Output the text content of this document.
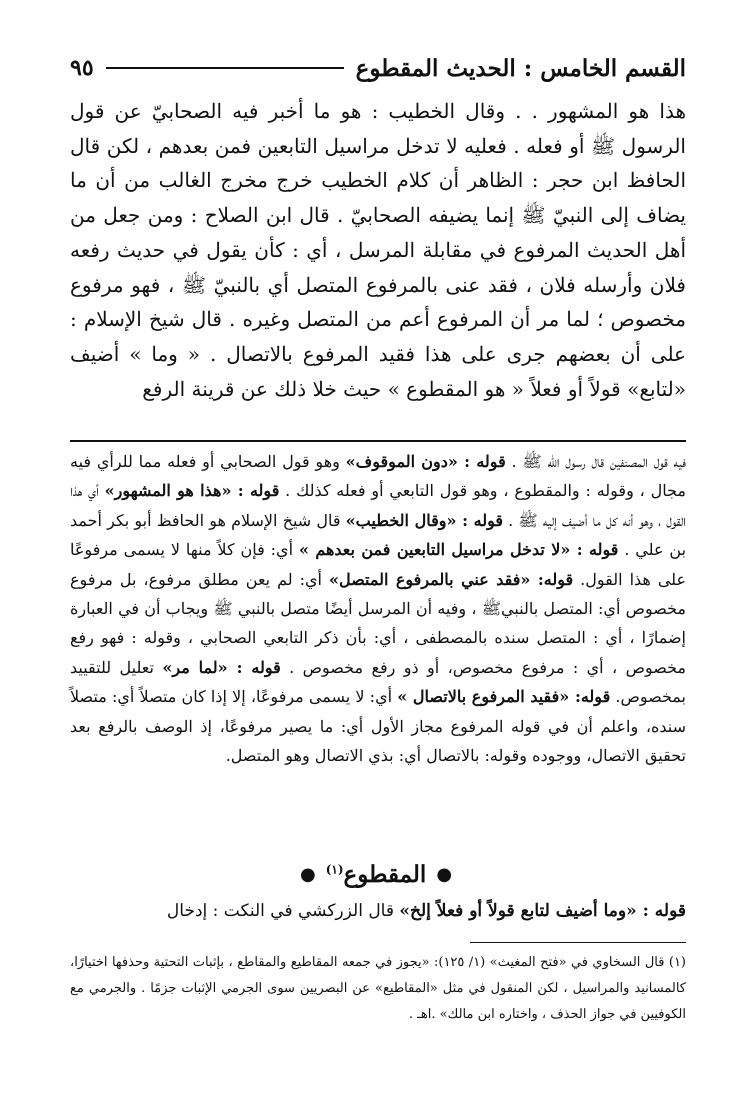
القسم الخامس : الحديث المقطوع
٩٥

هذا هو المشهور . . وقال الخطيب : هو ما أخبر فيه الصحابيّ عن قول الرسول ﷺ أو فعله . فعليه لا تدخل مراسيل التابعين فمن بعدهم ، لكن قال الحافظ ابن حجر : الظاهر أن كلام الخطيب خرج مخرج الغالب من أن ما يضاف إلى النبيّ ﷺ إنما يضيفه الصحابيّ . قال ابن الصلاح : ومن جعل من أهل الحديث المرفوع في مقابلة المرسل ، أي : كأن يقول في حديث رفعه فلان وأرسله فلان ، فقد عنى بالمرفوع المتصل أي بالنبيّ ﷺ ، فهو مرفوع مخصوص ؛ لما مر أن المرفوع أعم من المتصل وغيره . قال شيخ الإسلام : على أن بعضهم جرى على هذا فقيد المرفوع بالاتصال . « وما » أضيف «لتابع» قولاً أو فعلاً « هو المقطوع » حيث خلا ذلك عن قرينة الرفع

فيه قول المصنفين قال رسول الله ﷺ . قوله : «دون الموقوف» وهو قول الصحابي أو فعله مما للرأي فيه مجال ، وقوله : والمقطوع ، وهو قول التابعي أو فعله كذلك . قوله : «هذا هو المشهور» أي هذا القول ، وهو أنه كل ما أضيف إليه ﷺ . قوله : «وقال الخطيب» قال شيخ الإسلام هو الحافظ أبو بكر أحمد بن علي . قوله : «لا تدخل مراسيل التابعين فمن بعدهم » أي: فإن كلاً منها لا يسمى مرفوعًا على هذا القول. قوله: «فقد عني بالمرفوع المتصل» أي: لم يعن مطلق مرفوع، بل مرفوع مخصوص أي: المتصل بالنبيﷺ ، وفيه أن المرسل أيضًا متصل بالنبي ﷺ ويجاب أن في العبارة إضمارًا ، أي : المتصل سنده بالمصطفى ، أي: بأن ذكر التابعي الصحابي ، وقوله : فهو رفع مخصوص ، أي : مرفوع مخصوص، أو ذو رفع مخصوص . قوله : «لما مر» تعليل للتقييد بمخصوص. قوله: «فقيد المرفوع بالاتصال » أي: لا يسمى مرفوعًا، إلا إذا كان متصلاً أي: متصلاً سنده، واعلم أن في قوله المرفوع مجاز الأول أي: ما يصير مرفوعًا، إذ الوصف بالرفع بعد تحقيق الاتصال، ووجوده وقوله: بالاتصال أي: بذي الاتصال وهو المتصل.

●
المقطوع$^{(١)}$
●

قوله : «وما أضيف لتابع قولاً أو فعلاً إلخ» قال الزركشي في النكت : إدخال

(١) قال السخاوي في «فتح المغيث» (١/ ١٢٥): «يجوز في جمعه المقاطيع والمقاطع ، بإثبات التحتية وحذفها اختيارًا، كالمسانيد والمراسيل ، لكن المنقول في مثل «المقاطيع» عن البصريين سوى الجرمي الإثبات جزمًا . والجرمي مع الكوفيين في جواز الحذف ، واختاره ابن مالك» .اهـ .
